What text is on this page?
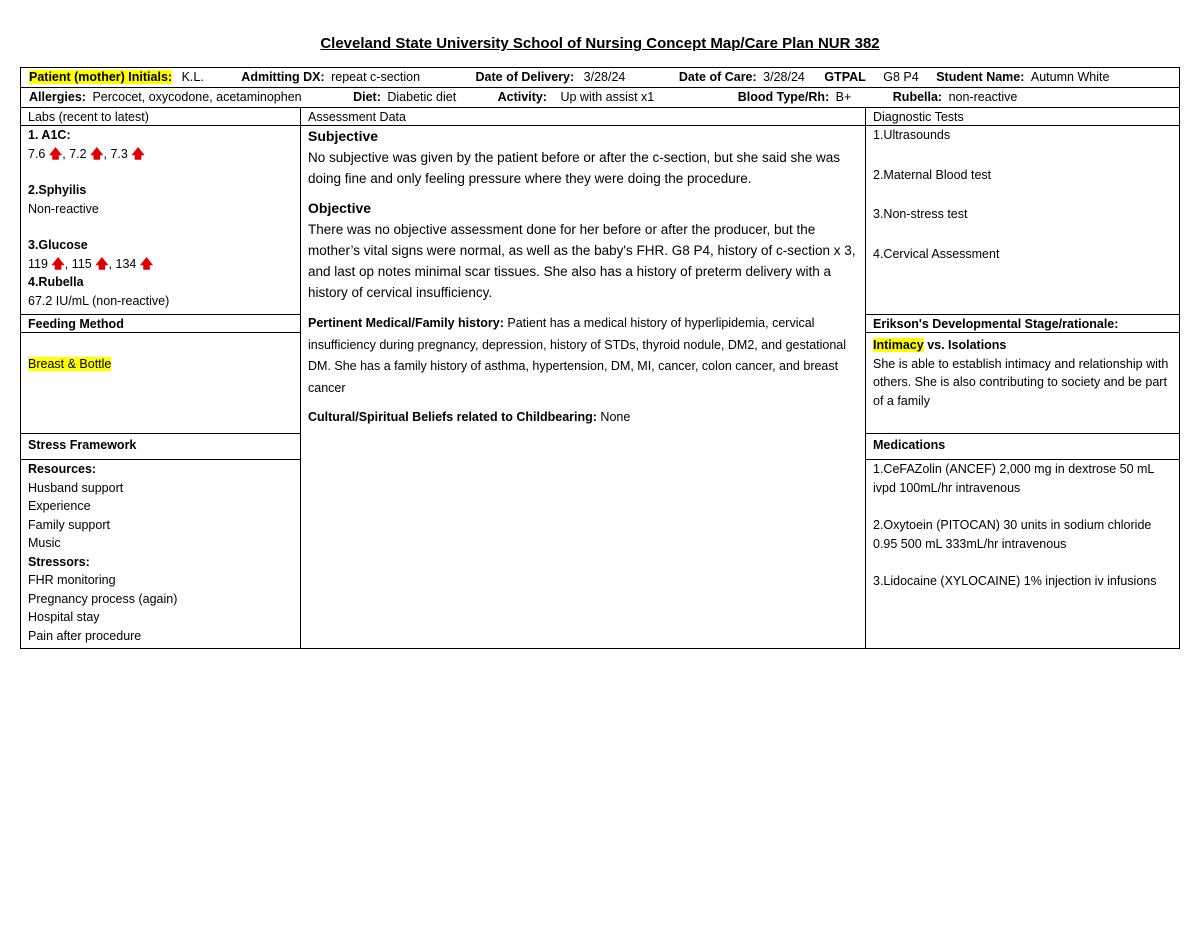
Cleveland State University School of Nursing Concept Map/Care Plan NUR 382
Patient (mother) Initials: K.L.	Admitting DX: repeat c-section	Date of Delivery: 3/28/24	Date of Care: 3/28/24 GTPAL G8 P4 Student Name: Autumn White
Allergies: Percocet, oxycodone, acetaminophen	Diet: Diabetic diet	Activity: Up with assist x1	Blood Type/Rh: B+	Rubella: non-reactive
Labs (recent to latest)
1. A1C:
7.6 🡅, 7.2 🡅, 7.3 🡅
2.Sphyilis
Non-reactive
3.Glucose
119 🡅, 115 🡅, 134 🡅
4.Rubella
67.2 IU/mL (non-reactive)
Feeding Method
Breast & Bottle
Stress Framework
Resources:
Husband support
Experience
Family support
Music
Stressors:
FHR monitoring
Pregnancy process (again)
Hospital stay
Pain after procedure
Assessment Data
Subjective
No subjective was given by the patient before or after the c-section, but she said she was doing fine and only feeling pressure where they were doing the procedure.
Objective
There was no objective assessment done for her before or after the producer, but the mother’s vital signs were normal, as well as the baby's FHR. G8 P4, history of c-section x 3, and last op notes minimal scar tissues. She also has a history of preterm delivery with a history of cervical insufficiency.
Pertinent Medical/Family history: Patient has a medical history of hyperlipidemia, cervical insufficiency during pregnancy, depression, history of STDs, thyroid nodule, DM2, and gestational DM. She has a family history of asthma, hypertension, DM, MI, cancer, colon cancer, and breast cancer
Cultural/Spiritual Beliefs related to Childbearing: None
Diagnostic Tests
1.Ultrasounds
2.Maternal Blood test
3.Non-stress test
4.Cervical Assessment
Erikson's Developmental Stage/rationale:
Intimacy vs. Isolations
She is able to establish intimacy and relationship with others. She is also contributing to society and be part of a family
Medications
1.CeFAZolin (ANCEF) 2,000 mg in dextrose 50 mL ivpd 100mL/hr intravenous
2.Oxytoein (PITOCAN) 30 units in sodium chloride 0.95 500 mL 333mL/hr intravenous
3.Lidocaine (XYLOCAINE) 1% injection iv infusions
